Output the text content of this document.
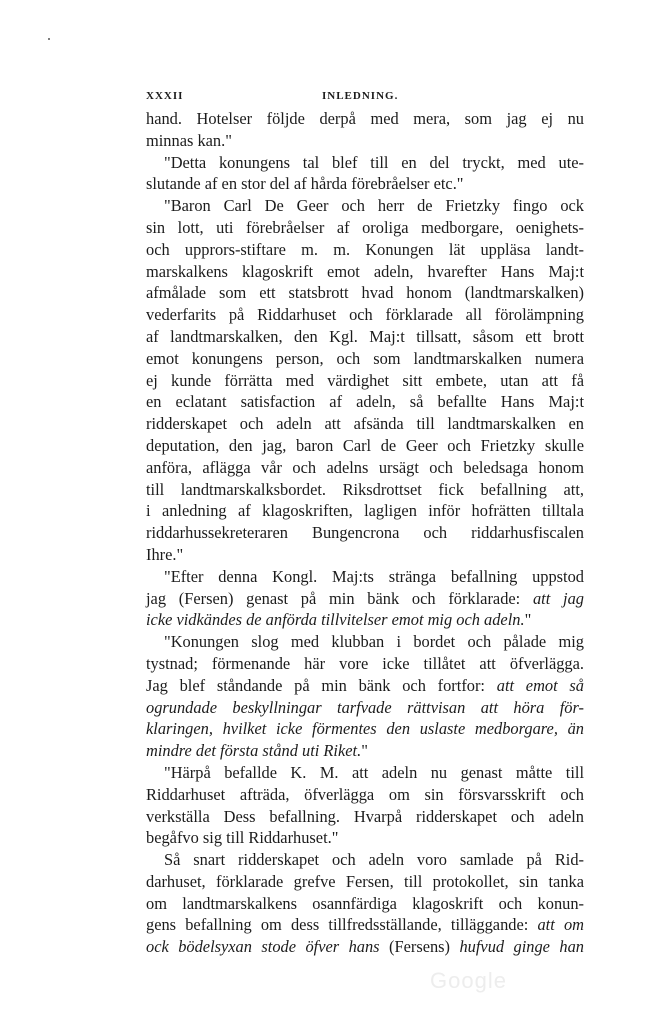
XXXII	INLEDNING.
hand. Hotelser följde derpå med mera, som jag ej nu
minnas kan."
"Detta konungens tal blef till en del tryckt, med ute-
slutande af en stor del af hårda förebråelser etc."
"Baron Carl De Geer och herr de Frietzky fingo ock
sin lott, uti förebråelser af oroliga medborgare, oenighets-
och upprors-stiftare m. m. Konungen lät uppläsa landt-
marskalkens klagoskrift emot adeln, hvarefter Hans Maj:t
afmålade som ett statsbrott hvad honom (landtmarskalken)
vederfarits på Riddarhuset och förklarade all förolämpning
af landtmarskalken, den Kgl. Maj:t tillsatt, såsom ett brott
emot konungens person, och som landtmarskalken numera
ej kunde förrätta med värdighet sitt embete, utan att få
en eclatant satisfaction af adeln, så befallte Hans Maj:t
ridderskapet och adeln att afsända till landtmarskalken en
deputation, den jag, baron Carl de Geer och Frietzky skulle
anföra, aflägga vår och adelns ursägt och beledsaga honom
till landtmarskalksbordet. Riksdrottset fick befallning att,
i anledning af klagoskriften, lagligen inför hofrätten tilltala
riddarhussekreteraren Bungencrona och riddarhusfiscalen
Ihre."
"Efter denna Kongl. Maj:ts stränga befallning uppstod
jag (Fersen) genast på min bänk och förklarade: att jag
icke vidkändes de anförda tillvitelser emot mig och adeln."
"Konungen slog med klubban i bordet och pålade mig
tystnad; förmenande här vore icke tillåtet att öfverlägga.
Jag blef ståndande på min bänk och fortfor: att emot så
ogrundade beskyllningar tarfvade rättvisan att höra för-
klaringen, hvilket icke förmentes den uslaste medborgare, än
mindre det första stånd uti Riket."
"Härpå befallde K. M. att adeln nu genast måtte till
Riddarhuset afträda, öfverlägga om sin försvarsskrift och
verkställa Dess befallning. Hvarpå ridderskapet och adeln
begåfvo sig till Riddarhuset."
Så snart ridderskapet och adeln voro samlade på Rid-
darhuset, förklarade grefve Fersen, till protokollet, sin tanka
om landtmarskalkens osannfärdiga klagoskrift och konun-
gens befallning om dess tillfredsställande, tilläggande: att om
ock bödelsyxan stode öfver hans (Fersens) hufvud ginge han
Google
